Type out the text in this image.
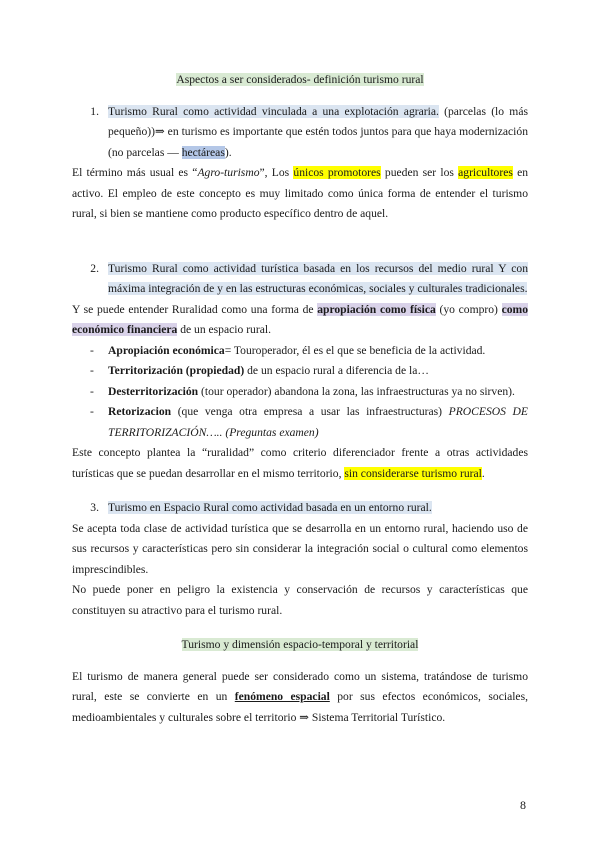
Aspectos a ser considerados- definición turismo rural

1. Turismo Rural como actividad vinculada a una explotación agraria. (parcelas (lo más pequeño))⇒ en turismo es importante que estén todos juntos para que haya modernización (no parcelas — hectáreas).

El término más usual es “Agro-turismo”, Los únicos promotores pueden ser los agricultores en activo. El empleo de este concepto es muy limitado como única forma de entender el turismo rural, si bien se mantiene como producto específico dentro de aquel.

2. Turismo Rural como actividad turística basada en los recursos del medio rural Y con máxima integración de y en las estructuras económicas, sociales y culturales tradicionales.

Y se puede entender Ruralidad como una forma de apropiación como física (yo compro) como económico financiera de un espacio rural.

-	Apropiación económica= Touroperador, él es el que se beneficia de la actividad.
-	Territorización (propiedad) de un espacio rural a diferencia de la…
-	Desterritorización (tour operador) abandona la zona, las infraestructuras ya no sirven).
-	Retorizacion (que venga otra empresa a usar las infraestructuras) PROCESOS DE TERRITORIZACIÓN….. (Preguntas examen)

Este concepto plantea la “ruralidad” como criterio diferenciador frente a otras actividades turísticas que se puedan desarrollar en el mismo territorio, sin considerarse turismo rural.

3. Turismo en Espacio Rural como actividad basada en un entorno rural.

Se acepta toda clase de actividad turística que se desarrolla en un entorno rural, haciendo uso de sus recursos y características pero sin considerar la integración social o cultural como elementos imprescindibles.

No puede poner en peligro la existencia y conservación de recursos y características que constituyen su atractivo para el turismo rural.

Turismo y dimensión espacio-temporal y territorial

El turismo de manera general puede ser considerado como un sistema, tratándose de turismo rural, este se convierte en un fenómeno espacial por sus efectos económicos, sociales, medioambientales y culturales sobre el territorio ⇒ Sistema Territorial Turístico.

8
